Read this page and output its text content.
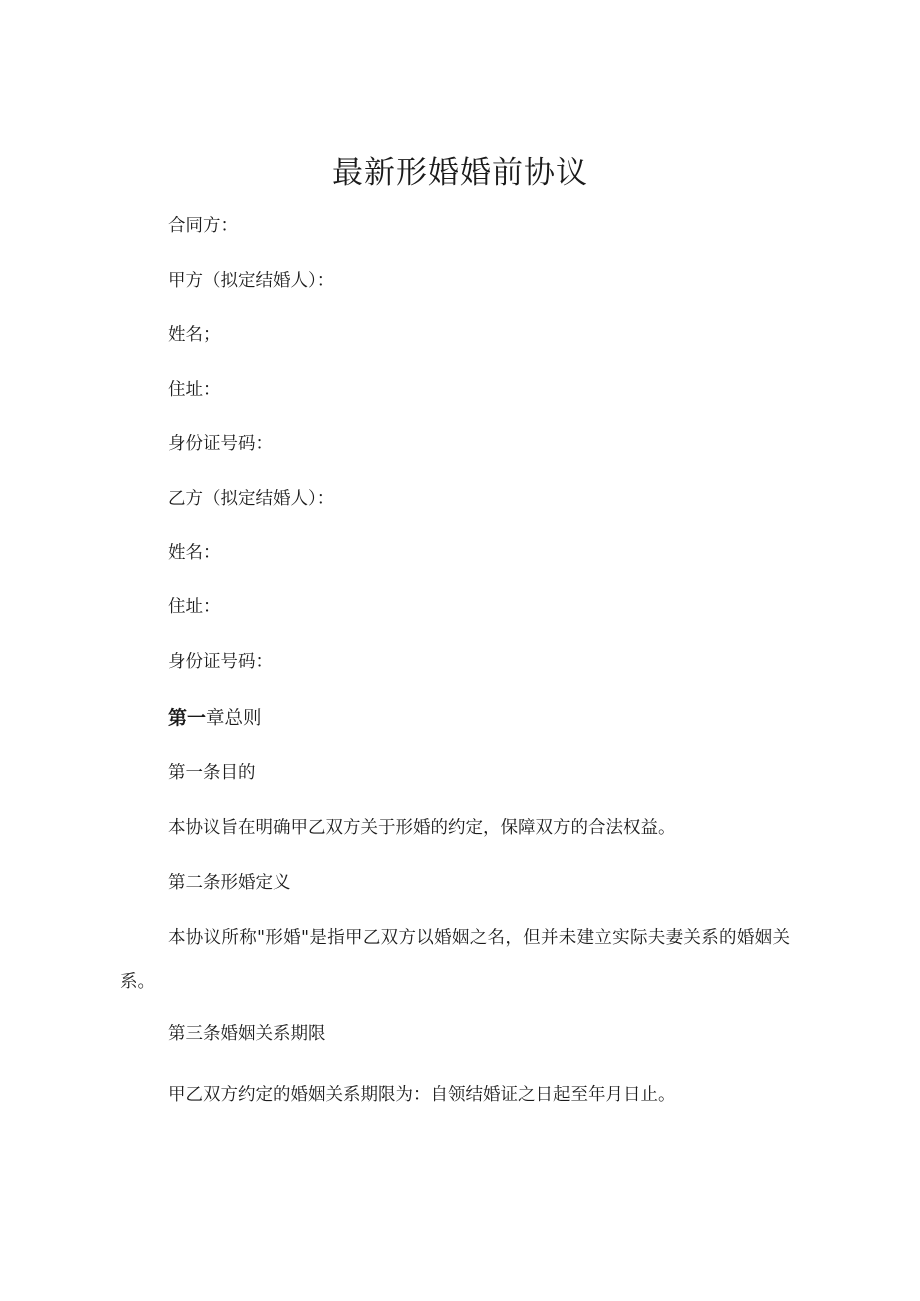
最新形婚婚前协议

合同方：

甲方（拟定结婚人）：

姓名；

住址：

身份证号码：

乙方（拟定结婚人）：

姓名：

住址：

身份证号码：

第一章总则

第一条目的

本协议旨在明确甲乙双方关于形婚的约定，保障双方的合法权益。

第二条形婚定义

本协议所称"形婚"是指甲乙双方以婚姻之名，但并未建立实际夫妻关系的婚姻关系。

第三条婚姻关系期限

甲乙双方约定的婚姻关系期限为：自领结婚证之日起至年月日止。
